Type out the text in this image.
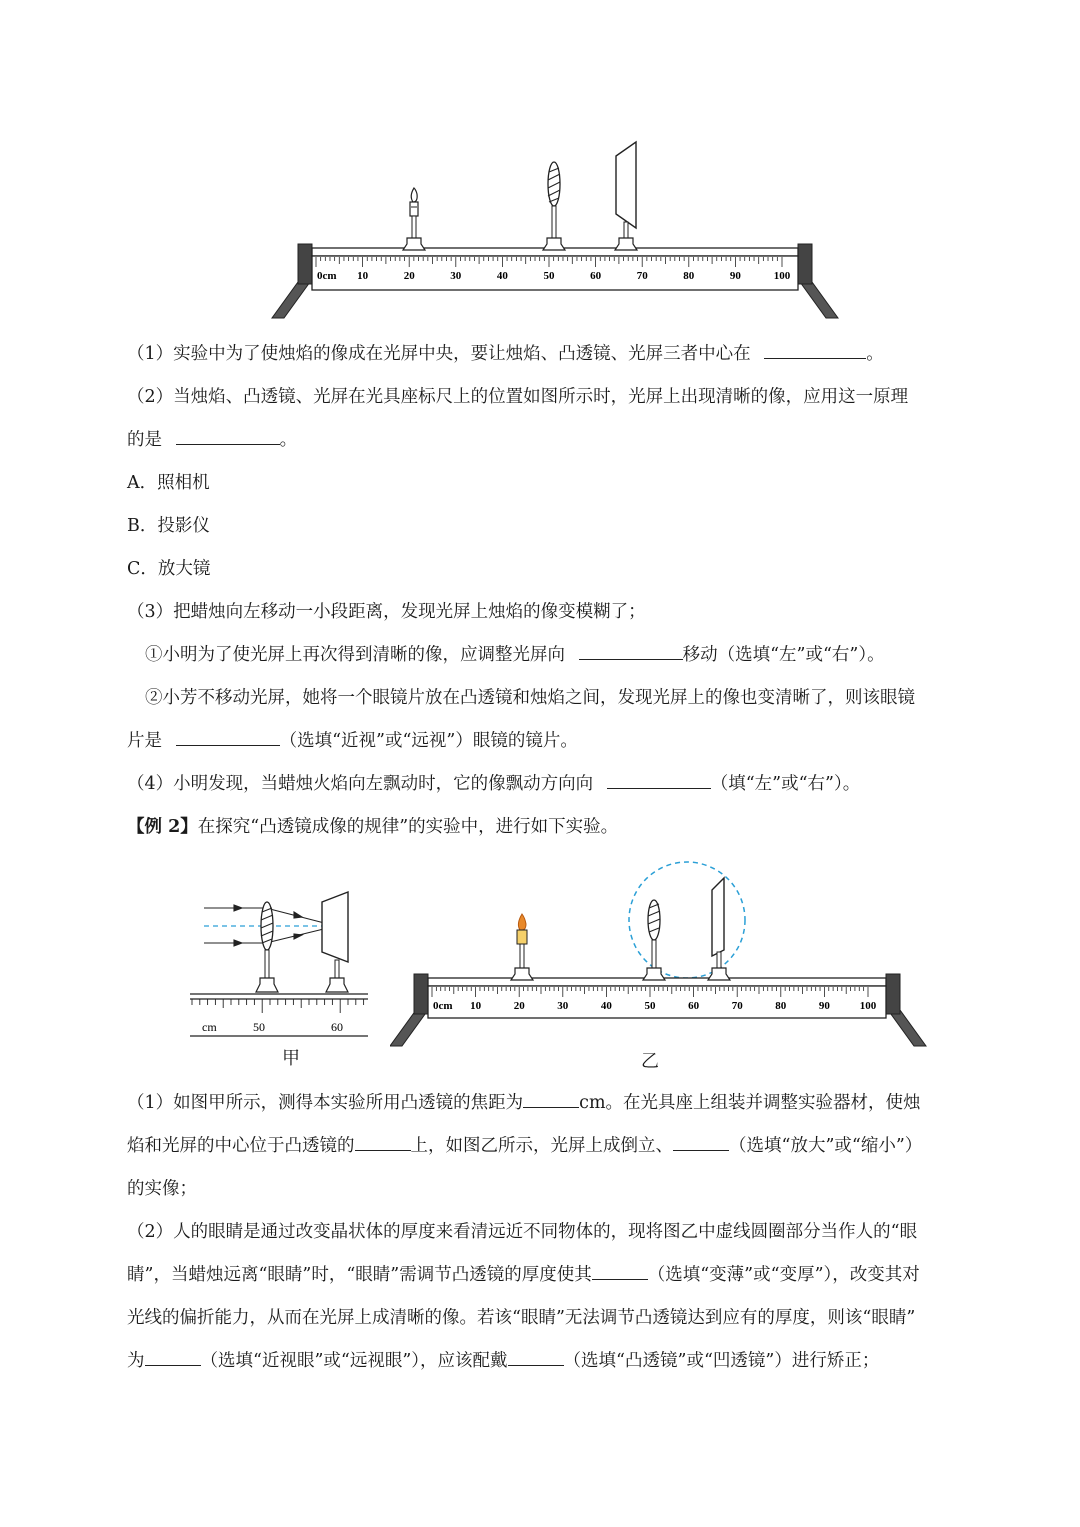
0cm 10	20	30	40	50	60	70	80	90	100
（1）实验中为了使烛焰的像成在光屏中央，要让烛焰、凸透镜、光屏三者中心在	。
（2）当烛焰、凸透镜、光屏在光具座标尺上的位置如图所示时，光屏上出现清晰的像，应用这一原理
的是	。
A．照相机
B．投影仪
C．放大镜
（3）把蜡烛向左移动一小段距离，发现光屏上烛焰的像变模糊了；
①小明为了使光屏上再次得到清晰的像，应调整光屏向	移动（选填“左”或“右”）。
②小芳不移动光屏，她将一个眼镜片放在凸透镜和烛焰之间，发现光屏上的像也变清晰了，则该眼镜
片是	（选填“近视”或“远视”）眼镜的镜片。
（4）小明发现，当蜡烛火焰向左飘动时，它的像飘动方向向	（填“左”或“右”）。
【例 2】在探究“凸透镜成像的规律”的实验中，进行如下实验。
cm	50	60
甲
0cm 10	20	30	40	50	60	70	80	90	100
乙
（1）如图甲所示，测得本实验所用凸透镜的焦距为	cm。在光具座上组装并调整实验器材，使烛
焰和光屏的中心位于凸透镜的	上，如图乙所示，光屏上成倒立、	（选填“放大”或“缩小”）
的实像；
（2）人的眼睛是通过改变晶状体的厚度来看清远近不同物体的，现将图乙中虚线圆圈部分当作人的“眼
睛”，当蜡烛远离“眼睛”时，“眼睛”需调节凸透镜的厚度使其	（选填“变薄”或“变厚”），改变其对
光线的偏折能力，从而在光屏上成清晰的像。若该“眼睛”无法调节凸透镜达到应有的厚度，则该“眼睛”
为	（选填“近视眼”或“远视眼”），应该配戴	（选填“凸透镜”或“凹透镜”）进行矫正；
